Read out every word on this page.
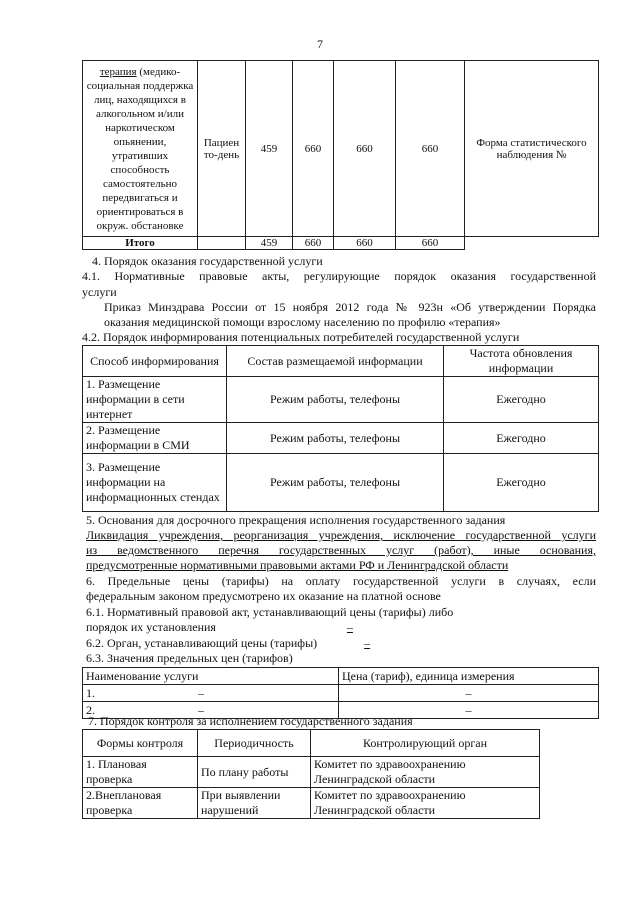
7
терапия (медико-социальная поддержка лиц, находящихся в алкогольном и/или наркотическом опьянении, утративших способность самостоятельно передвигаться и ориентироваться в окруж. обстановке	Пациен то-день	459	660	660	660	Форма статистического наблюдения №
Итого		459	660	660	660	
4. Порядок оказания государственной услуги
4.1. Нормативные правовые акты, регулирующие порядок оказания государственной
услуги
Приказ Минздрава России от 15 ноября 2012 года № 923н «Об утверждении Порядка
оказания медицинской помощи взрослому населению по профилю «терапия»
4.2. Порядок информирования потенциальных потребителей государственной услуги
Способ информирования	Состав размещаемой информации	Частота обновления информации
1. Размещение информации в сети интернет	Режим работы, телефоны	Ежегодно
2. Размещение информации в СМИ	Режим работы, телефоны	Ежегодно
3. Размещение информации на информационных стендах	Режим работы, телефоны	Ежегодно
5. Основания для досрочного прекращения исполнения государственного задания
Ликвидация учреждения, реорганизация учреждения, исключение государственной услуги
из ведомственного перечня государственных услуг (работ), иные основания,
предусмотренные нормативными правовыми актами РФ и Ленинградской области
6. Предельные цены (тарифы) на оплату государственной услуги в случаях, если
федеральным законом предусмотрено их оказание на платной основе
6.1. Нормативный правовой акт, устанавливающий цены (тарифы) либо
порядок их установления	–
6.2. Орган, устанавливающий цены (тарифы)	–
6.3. Значения предельных цен (тарифов)
Наименование услуги	Цена (тариф), единица измерения
1. –	–
2. –	–
7. Порядок контроля за исполнением государственного задания
Формы контроля	Периодичность	Контролирующий орган
1. Плановая проверка	По плану работы	Комитет по здравоохранению Ленинградской области
2.Внеплановая проверка	При выявлении нарушений	Комитет по здравоохранению Ленинградской области
